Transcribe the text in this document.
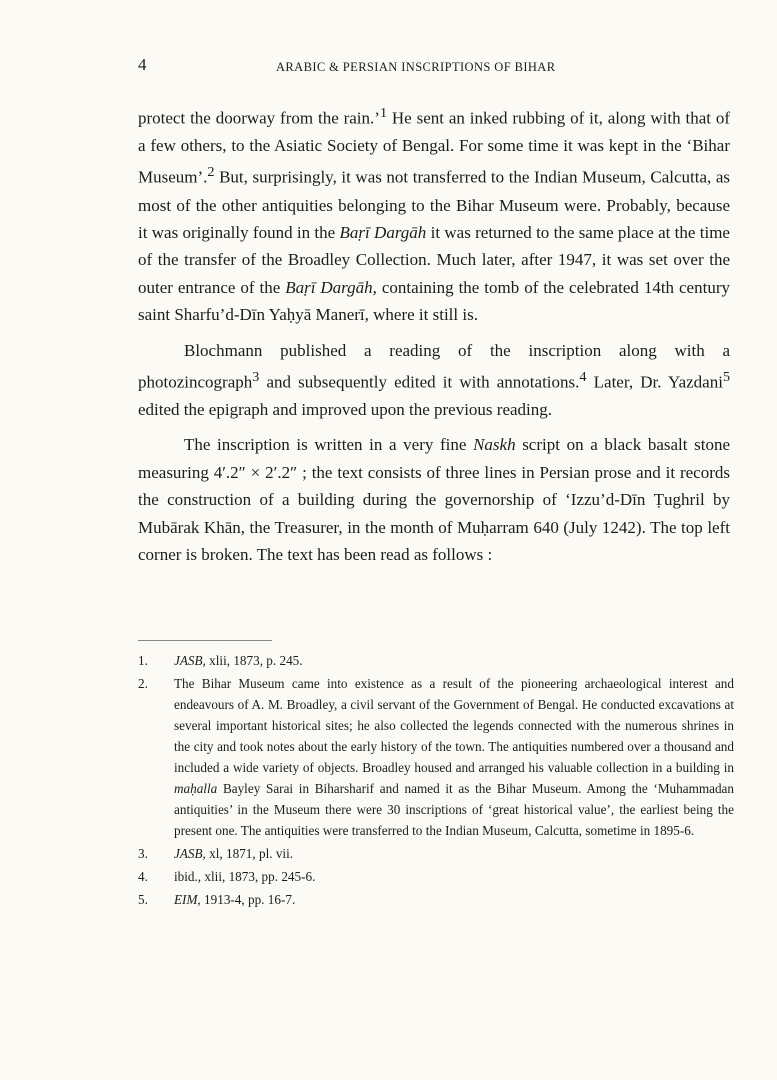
4	ARABIC & PERSIAN INSCRIPTIONS OF BIHAR

protect the doorway from the rain.’$^1$ He sent an inked rubbing of it, along with that of a few others, to the Asiatic Society of Bengal. For some time it was kept in the ‘Bihar Museum’.$^2$ But, surprisingly, it was not transferred to the Indian Museum, Calcutta, as most of the other antiquities belonging to the Bihar Museum were. Probably, because it was originally found in the Baṛī Dargāh it was returned to the same place at the time of the transfer of the Broadley Collection. Much later, after 1947, it was set over the outer entrance of the Baṛī Dargāh, containing the tomb of the celebrated 14th century saint Sharfu’d-Dīn Yaḥyā Manerī, where it still is.

Blochmann published a reading of the inscription along with a photozincograph$^3$ and subsequently edited it with annotations.$^4$ Later, Dr. Yazdani$^5$ edited the epigraph and improved upon the previous reading.

The inscription is written in a very fine Naskh script on a black basalt stone measuring 4′.2″ × 2′.2″ ; the text consists of three lines in Persian prose and it records the construction of a building during the governorship of ‘Izzu’d-Dīn Ṭughril by Mubārak Khān, the Treasurer, in the month of Muḥarram 640 (July 1242). The top left corner is broken. The text has been read as follows :

1.	JASB, xlii, 1873, p. 245.
2.	The Bihar Museum came into existence as a result of the pioneering archaeological interest and endeavours of A. M. Broadley, a civil servant of the Government of Bengal. He conducted excavations at several important historical sites; he also collected the legends connected with the numerous shrines in the city and took notes about the early history of the town. The antiquities numbered over a thousand and included a wide variety of objects. Broadley housed and arranged his valuable collection in a building in maḥalla Bayley Sarai in Biharsharif and named it as the Bihar Museum. Among the ‘Muhammadan antiquities’ in the Museum there were 30 inscriptions of ‘great historical value’, the earliest being the present one. The antiquities were transferred to the Indian Museum, Calcutta, sometime in 1895-6.
3.	JASB, xl, 1871, pl. vii.
4.	ibid., xlii, 1873, pp. 245-6.
5.	EIM, 1913-4, pp. 16-7.
